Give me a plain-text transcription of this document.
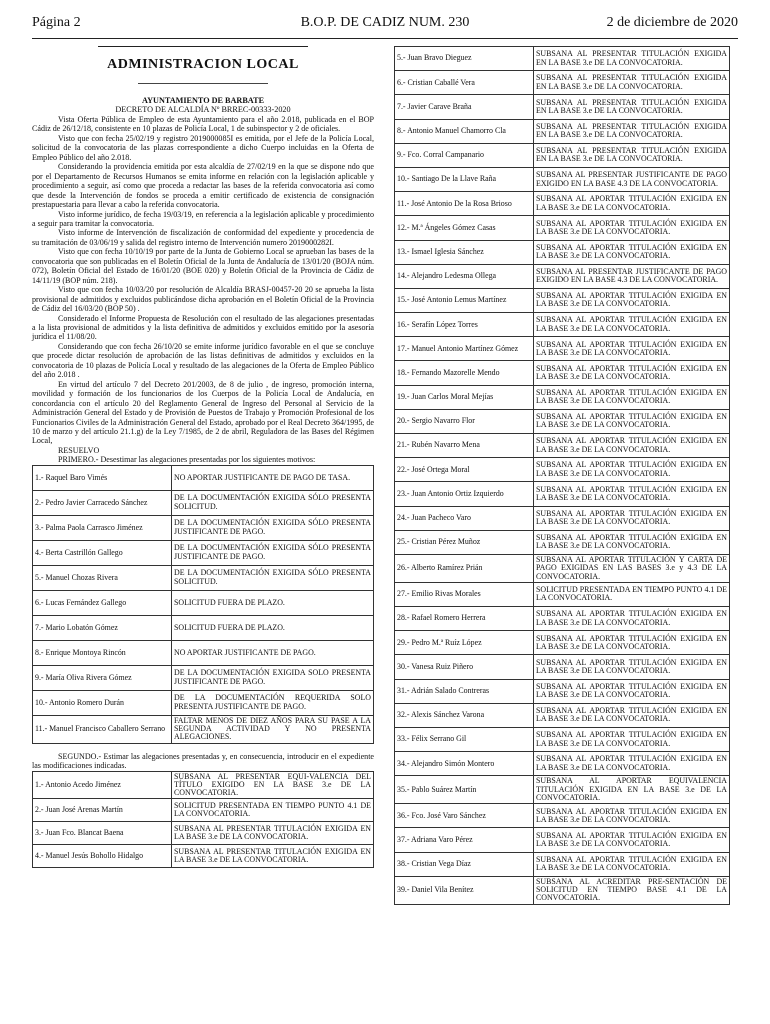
Página 2	B.O.P. DE CADIZ NUM. 230	2 de diciembre de 2020
ADMINISTRACION LOCAL
AYUNTAMIENTO DE BARBATE
DECRETO DE ALCALDÍA Nº BRREC-00333-2020

Vista Oferta Pública de Empleo de esta Ayuntamiento para el año 2.018, publicada en el BOP Cádiz de 26/12/18, consistente en 10 plazas de Policía Local, 1 de subinspector y 2 de oficiales.

Visto que con fecha 25/02/19 y registro 2019000085I es emitida, por el Jefe de la Policía Local, solicitud de la convocatoria de las plazas correspondiente a dicho Cuerpo incluidas en la Oferta de Empleo Público del año 2.018.

Considerando la providencia emitida por esta alcaldía de 27/02/19 en la que se dispone ndo que por el Departamento de Recursos Humanos se emita informe en relación con la legislación aplicable y procedimiento a seguir, así como que proceda a redactar las bases de la referida convocatoria así como que desde la Intervención de fondos se proceda a emitir certificado de existencia de consignación prestapuestaria para llevar a cabo la referida convocatoria.

Visto informe jurídico, de fecha 19/03/19, en referencia a la legislación aplicable y procedimiento a seguir para tramitar la convocatoria.

Visto informe de Intervención de fiscalización de conformidad del expediente y procedencia de su tramitación de 03/06/19 y salida del registro interno de Intervención numero 2019000282I.

Visto que con fecha 10/10/19 por parte de la Junta de Gobierno Local se aprueban las bases de la convocatoria que son publicadas en el Boletín Oficial de la Junta de Andalucía de 13/01/20 (BOJA núm. 072), Boletín Oficial del Estado de 16/01/20 (BOE 020) y Boletín Oficial de la Provincia de Cádiz de 14/11/19 (BOP núm. 218).

Visto que con fecha 10/03/20 por resolución de Alcaldía BRASJ-00457-20 20 se aprueba la lista provisional de admitidos y excluidos publicándose dicha aprobación en el Boletín Oficial de la Provincia de Cádiz del 16/03/20 (BOP 50) .

Considerado el Informe Propuesta de Resolución con el resultado de las alegaciones presentadas a la lista provisional de admitidos y la lista definitiva de admitidos y excluidos emitido por la asesoría jurídica el 11/08/20.

Considerando que con fecha 26/10/20 se emite informe jurídico favorable en el que se concluye que procede dictar resolución de aprobación de las listas definitivas de admitidos y excluidos en la convocatoria de 10 plazas de Policía Local y resultado de las alegaciones de la Oferta de Empleo Público del año 2.018 .

En virtud del artículo 7 del Decreto 201/2003, de 8 de julio , de ingreso, promoción interna, movilidad y formación de los funcionarios de los Cuerpos de la Policía Local de Andalucía, en concordancia con el artículo 20 del Reglamento General de Ingreso del Personal al Servicio de la Administración General del Estado y de Provisión de Puestos de Trabajo y Promoción Profesional de los Funcionarios Civiles de la Administración General del Estado, aprobado por el Real Decreto 364/1995, de 10 de marzo y del artículo 21.1.g) de la Ley 7/1985, de 2 de abril, Reguladora de las Bases del Régimen Local,

RESUELVO

PRIMERO.- Desestimar las alegaciones presentadas por los siguientes motivos:

1.- Raquel Baro Vimés	NO APORTAR JUSTIFICANTE DE PAGO DE TASA.
2.- Pedro Javier Carracedo Sánchez	DE LA DOCUMENTACIÓN EXIGIDA SÓLO PRESENTA SOLICITUD.
3.- Palma Paola Carrasco Jiménez	DE LA DOCUMENTACIÓN EXIGIDA SÓLO PRESENTA JUSTIFICANTE DE PAGO.
4.- Berta Castrillón Gallego	DE LA DOCUMENTACIÓN EXIGIDA SÓLO PRESENTA JUSTIFICANTE DE PAGO.
5.- Manuel Chozas Rivera	DE LA DOCUMENTACIÓN EXIGIDA SÓLO PRESENTA SOLICITUD.
6.- Lucas Fernández Gallego	SOLICITUD FUERA DE PLAZO.
7.- Mario Lobatón Gómez	SOLICITUD FUERA DE PLAZO.
8.- Enrique Montoya Rincón	NO APORTAR JUSTIFICANTE DE PAGO.
9.- María Oliva Rivera Gómez	DE LA DOCUMENTACIÓN EXIGIDA SOLO PRESENTA JUSTIFICANTE DE PAGO.
10.- Antonio Romero Durán	DE LA DOCUMENTACIÓN REQUERIDA SOLO PRESENTA JUSTIFICANTE DE PAGO.
11.- Manuel Francisco Caballero Serrano	FALTAR MENOS DE DIEZ AÑOS PARA SU PASE A LA SEGUNDA ACTIVIDAD Y NO PRESENTA ALEGACIONES.

SEGUNDO.- Estimar las alegaciones presentadas y, en consecuencia, introducir en el expediente las modificaciones indicadas.

1.- Antonio Acedo Jiménez	SUBSANA AL PRESENTAR EQUI-VALENCIA DEL TÍTULO EXIGIDO EN LA BASE 3.e DE LA CONVOCATORIA.
2.- Juan José Arenas Martín	SOLICITUD PRESENTADA EN TIEMPO PUNTO 4.1 DE LA CONVOCATORIA.
3.- Juan Fco. Blancat Baena	SUBSANA AL PRESENTAR TITULACIÓN EXIGIDA EN LA BASE 3.e DE LA CONVOCATORIA.
4.- Manuel Jesús Bohollo Hidalgo	SUBSANA AL PRESENTAR TITULACIÓN EXIGIDA EN LA BASE 3.e DE LA CONVOCATORIA.
5.- Juan Bravo Dieguez	SUBSANA AL PRESENTAR TITULACIÓN EXIGIDA EN LA BASE 3.e DE LA CONVOCATORIA.
6.- Cristian Caballé Vera	SUBSANA AL PRESENTAR TITULACIÓN EXIGIDA EN LA BASE 3.e DE LA CONVOCATORIA.
7.- Javier Carave Braña	SUBSANA AL PRESENTAR TITULACIÓN EXIGIDA EN LA BASE 3.e DE LA CONVOCATORIA.
8.- Antonio Manuel Chamorro Cla	SUBSANA AL PRESENTAR TITULACIÓN EXIGIDA EN LA BASE 3.e DE LA CONVOCATORIA.
9.- Fco. Corral Campanario	SUBSANA AL PRESENTAR TITULACIÓN EXIGIDA EN LA BASE 3.e DE LA CONVOCATORIA.
10.- Santiago De la Llave Raña	SUBSANA AL PRESENTAR JUSTIFICANTE DE PAGO EXIGIDO EN LA BASE 4.3 DE LA CONVOCATORIA.
11.- José Antonio De la Rosa Brioso	SUBSANA AL APORTAR TITULACIÓN EXIGIDA EN LA BASE 3.e DE LA CONVOCATORIA.
12.- M.ª Ángeles Gómez Casas	SUBSANA AL APORTAR TITULACIÓN EXIGIDA EN LA BASE 3.e DE LA CONVOCATORIA.
13.- Ismael Iglesia Sánchez	SUBSANA AL APORTAR TITULACIÓN EXIGIDA EN LA BASE 3.e DE LA CONVOCATORIA.
14.- Alejandro Ledesma Ollega	SUBSANA AL PRESENTAR JUSTIFICANTE DE PAGO EXIGIDO EN LA BASE 4.3 DE LA CONVOCATORIA.
15.- José Antonio Lemus Martínez	SUBSANA AL APORTAR TITULACIÓN EXIGIDA EN LA BASE 3.e DE LA CONVOCATORIA.
16.- Serafín López Torres	SUBSANA AL APORTAR TITULACIÓN EXIGIDA EN LA BASE 3.e DE LA CONVOCATORIA.
17.- Manuel Antonio Martínez Gómez	SUBSANA AL APORTAR TITULACIÓN EXIGIDA EN LA BASE 3.e DE LA CONVOCATORIA.
18.- Fernando Mazorelle Mendo	SUBSANA AL APORTAR TITULACIÓN EXIGIDA EN LA BASE 3.e DE LA CONVOCATORIA.
19.- Juan Carlos Moral Mejías	SUBSANA AL APORTAR TITULACIÓN EXIGIDA EN LA BASE 3.e DE LA CONVOCATORIA.
20.- Sergio Navarro Flor	SUBSANA AL APORTAR TITULACIÓN EXIGIDA EN LA BASE 3.e DE LA CONVOCATORIA.
21.- Rubén Navarro Mena	SUBSANA AL APORTAR TITULACIÓN EXIGIDA EN LA BASE 3.e DE LA CONVOCATORIA.
22.- José Ortega Moral	SUBSANA AL APORTAR TITULACIÓN EXIGIDA EN LA BASE 3.e DE LA CONVOCATORIA.
23.- Juan Antonio Ortiz Izquierdo	SUBSANA AL APORTAR TITULACIÓN EXIGIDA EN LA BASE 3.e DE LA CONVOCATORIA.
24.- Juan Pacheco Varo	SUBSANA AL APORTAR TITULACIÓN EXIGIDA EN LA BASE 3.e DE LA CONVOCATORIA.
25.- Cristian Pérez Muñoz	SUBSANA AL APORTAR TITULACIÓN EXIGIDA EN LA BASE 3.e DE LA CONVOCATORIA.
26.- Alberto Ramírez Prián	SUBSANA AL APORTAR TITULACIÓN Y CARTA DE PAGO EXIGIDAS EN LAS BASES 3.e y 4.3 DE LA CONVOCATORIA.
27.- Emilio Rivas Morales	SOLICITUD PRESENTADA EN TIEMPO PUNTO 4.1 DE LA CONVOCATORIA.
28.- Rafael Romero Herrera	SUBSANA AL APORTAR TITULACIÓN EXIGIDA EN LA BASE 3.e DE LA CONVOCATORIA.
29.- Pedro M.ª Ruíz López	SUBSANA AL APORTAR TITULACIÓN EXIGIDA EN LA BASE 3.e DE LA CONVOCATORIA.
30.- Vanesa Ruiz Piñero	SUBSANA AL APORTAR TITULACIÓN EXIGIDA EN LA BASE 3.e DE LA CONVOCATORIA.
31.- Adrián Salado Contreras	SUBSANA AL APORTAR TITULACIÓN EXIGIDA EN LA BASE 3.e DE LA CONVOCATORIA.
32.- Alexis Sánchez Varona	SUBSANA AL APORTAR TITULACIÓN EXIGIDA EN LA BASE 3.e DE LA CONVOCATORIA.
33.- Félix Serrano Gil	SUBSANA AL APORTAR TITULACIÓN EXIGIDA EN LA BASE 3.e DE LA CONVOCATORIA.
34.- Alejandro Simón Montero	SUBSANA AL APORTAR TITULACIÓN EXIGIDA EN LA BASE 3.e DE LA CONVOCATORIA.
35.- Pablo Suárez Martín	SUBSANA AL APORTAR EQUIVALENCIA TITULACIÓN EXIGIDA EN LA BASE 3.e DE LA CONVOCATORIA.
36.- Fco. José Varo Sánchez	SUBSANA AL APORTAR TITULACIÓN EXIGIDA EN LA BASE 3.e DE LA CONVOCATORIA.
37.- Adriana Varo Pérez	SUBSANA AL APORTAR TITULACIÓN EXIGIDA EN LA BASE 3.e DE LA CONVOCATORIA.
38.- Cristian Vega Díaz	SUBSANA AL APORTAR TITULACIÓN EXIGIDA EN LA BASE 3.e DE LA CONVOCATORIA.
39.- Daniel Vila Benítez	SUBSANA AL ACREDITAR PRE-SENTACIÓN DE SOLICITUD EN TIEMPO BASE 4.1 DE LA CONVOCATORIA.
